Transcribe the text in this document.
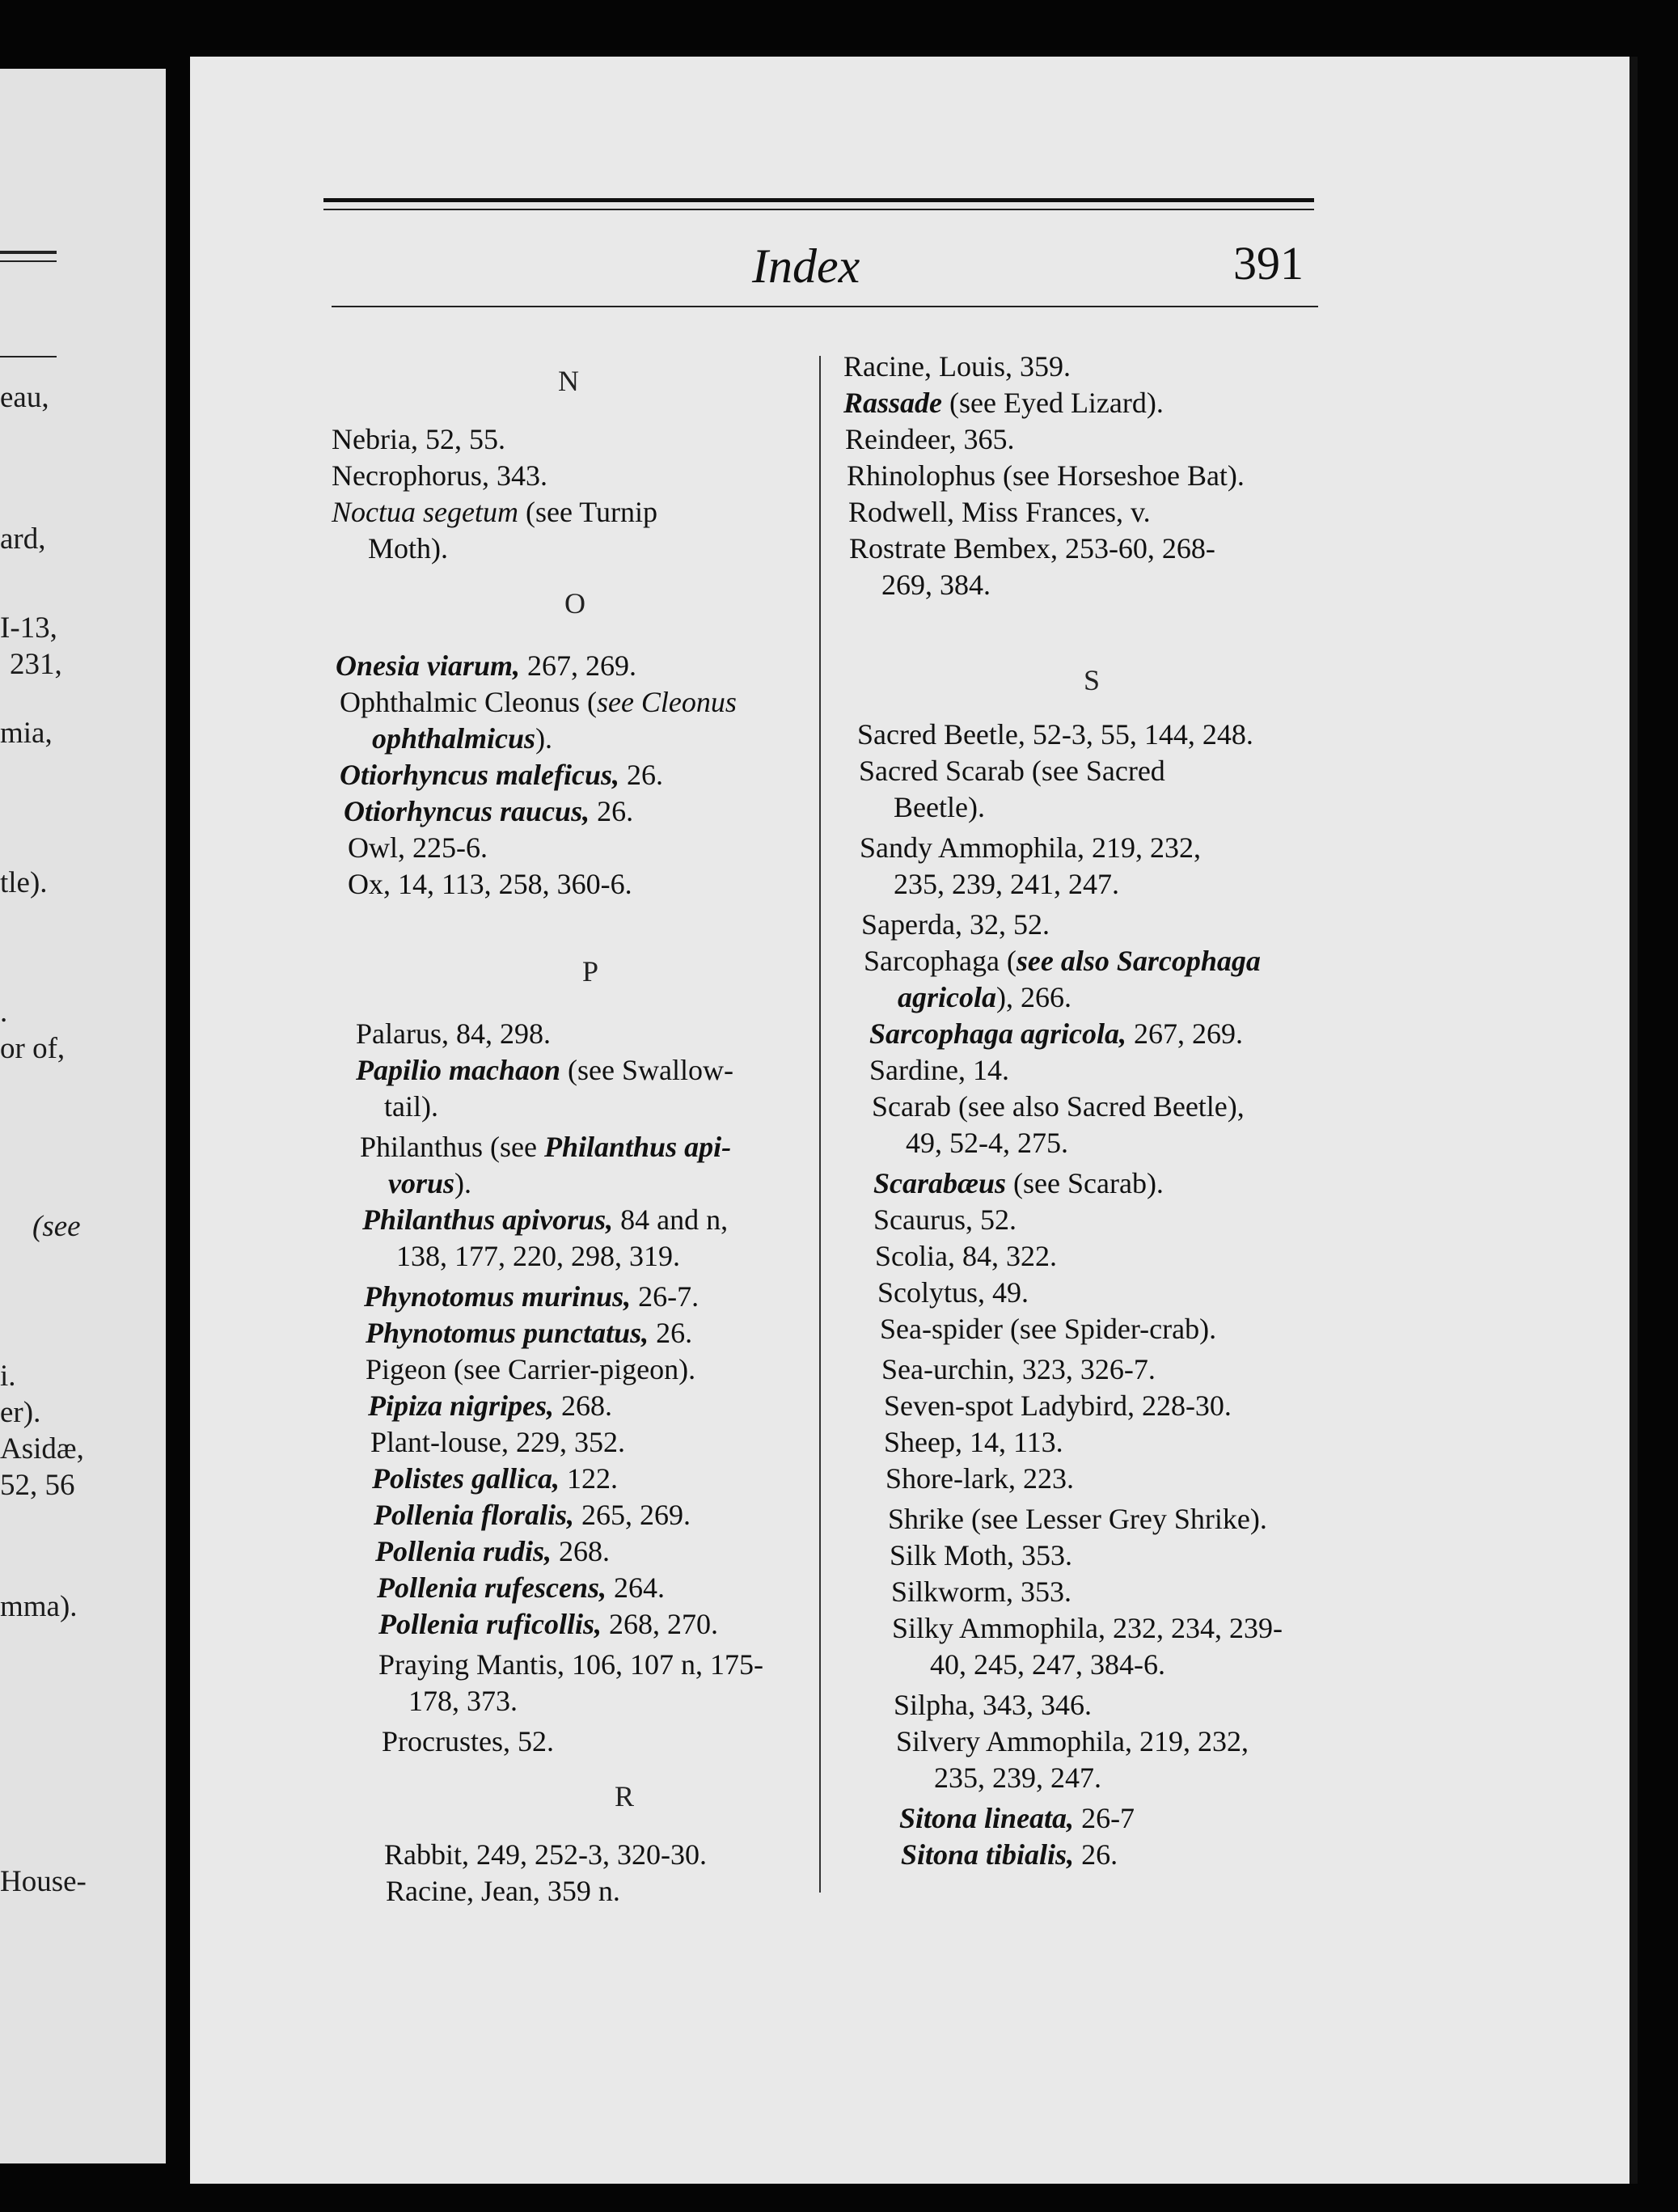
eau,
ard,
I-13,
231,
mia,
tle).
.
or of,
(see
i.
er).
Asidæ,
52, 56
mma).
House-
Index	391
Nebria, 52, 55.
Necrophorus, 343.
Noctua segetum (see Turnip
Moth).
Onesia viarum, 267, 269.
Ophthalmic Cleonus (see Cleonus
ophthalmicus).
Otiorhyncus maleficus, 26.
Otiorhyncus raucus, 26.
Owl, 225-6.
Ox, 14, 113, 258, 360-6.
Palarus, 84, 298.
Papilio machaon (see Swallow-
tail).
Philanthus (see Philanthus api-
vorus).
Philanthus apivorus, 84 and n,
138, 177, 220, 298, 319.
Phynotomus murinus, 26-7.
Phynotomus punctatus, 26.
Pigeon (see Carrier-pigeon).
Pipiza nigripes, 268.
Plant-louse, 229, 352.
Polistes gallica, 122.
Pollenia floralis, 265, 269.
Pollenia rudis, 268.
Pollenia rufescens, 264.
Pollenia ruficollis, 268, 270.
Praying Mantis, 106, 107 n, 175-
178, 373.
Procrustes, 52.
Rabbit, 249, 252-3, 320-30.
Racine, Jean, 359 n.
N
O
P
R
Racine, Louis, 359.
Rassade (see Eyed Lizard).
Reindeer, 365.
Rhinolophus (see Horseshoe Bat).
Rodwell, Miss Frances, v.
Rostrate Bembex, 253-60, 268-
269, 384.
Sacred Beetle, 52-3, 55, 144, 248.
Sacred Scarab (see Sacred
Beetle).
Sandy Ammophila, 219, 232,
235, 239, 241, 247.
Saperda, 32, 52.
Sarcophaga (see also Sarcophaga
agricola), 266.
Sarcophaga agricola, 267, 269.
Sardine, 14.
Scarab (see also Sacred Beetle),
49, 52-4, 275.
Scarabæus (see Scarab).
Scaurus, 52.
Scolia, 84, 322.
Scolytus, 49.
Sea-spider (see Spider-crab).
Sea-urchin, 323, 326-7.
Seven-spot Ladybird, 228-30.
Sheep, 14, 113.
Shore-lark, 223.
Shrike (see Lesser Grey Shrike).
Silk Moth, 353.
Silkworm, 353.
Silky Ammophila, 232, 234, 239-
40, 245, 247, 384-6.
Silpha, 343, 346.
Silvery Ammophila, 219, 232,
235, 239, 247.
Sitona lineata, 26-7
Sitona tibialis, 26.
S
